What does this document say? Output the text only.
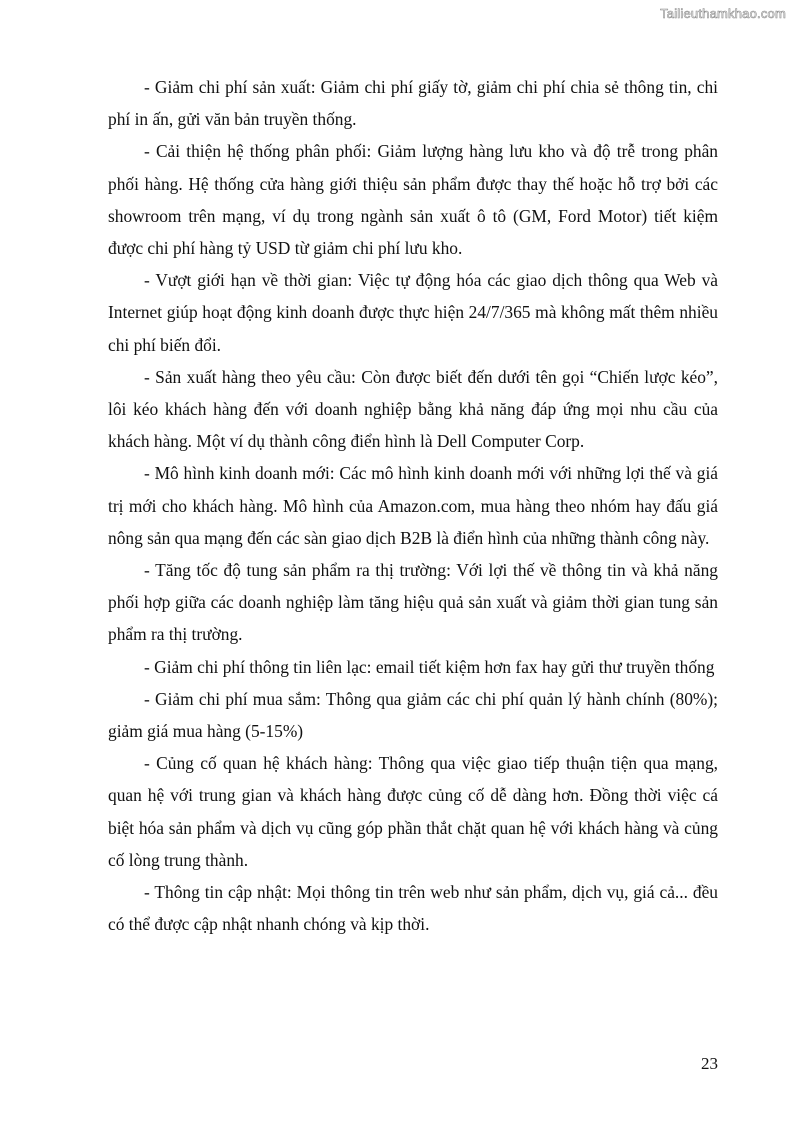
Tailieuthamkhao.com

- Giảm chi phí sản xuất: Giảm chi phí giấy tờ, giảm chi phí chia sẻ thông tin, chi phí in ấn, gửi văn bản truyền thống.

- Cải thiện hệ thống phân phối: Giảm lượng hàng lưu kho và độ trễ trong phân phối hàng. Hệ thống cửa hàng giới thiệu sản phẩm được thay thế hoặc hỗ trợ bởi các showroom trên mạng, ví dụ trong ngành sản xuất ô tô (GM, Ford Motor) tiết kiệm được chi phí hàng tỷ USD từ giảm chi phí lưu kho.

- Vượt giới hạn về thời gian: Việc tự động hóa các giao dịch thông qua Web và Internet giúp hoạt động kinh doanh được thực hiện 24/7/365 mà không mất thêm nhiều chi phí biến đổi.

- Sản xuất hàng theo yêu cầu: Còn được biết đến dưới tên gọi “Chiến lược kéo”, lôi kéo khách hàng đến với doanh nghiệp bằng khả năng đáp ứng mọi nhu cầu của khách hàng. Một ví dụ thành công điển hình là Dell Computer Corp.

- Mô hình kinh doanh mới: Các mô hình kinh doanh mới với những lợi thế và giá trị mới cho khách hàng. Mô hình của Amazon.com, mua hàng theo nhóm hay đấu giá nông sản qua mạng đến các sàn giao dịch B2B là điển hình của những thành công này.

- Tăng tốc độ tung sản phẩm ra thị trường: Với lợi thế về thông tin và khả năng phối hợp giữa các doanh nghiệp làm tăng hiệu quả sản xuất và giảm thời gian tung sản phẩm ra thị trường.

- Giảm chi phí thông tin liên lạc: email tiết kiệm hơn fax hay gửi thư truyền thống

- Giảm chi phí mua sắm: Thông qua giảm các chi phí quản lý hành chính (80%); giảm giá mua hàng (5-15%)

- Củng cố quan hệ khách hàng: Thông qua việc giao tiếp thuận tiện qua mạng, quan hệ với trung gian và khách hàng được củng cố dễ dàng hơn. Đồng thời việc cá biệt hóa sản phẩm và dịch vụ cũng góp phần thắt chặt quan hệ với khách hàng và củng cố lòng trung thành.

- Thông tin cập nhật: Mọi thông tin trên web như sản phẩm, dịch vụ, giá cả... đều có thể được cập nhật nhanh chóng và kịp thời.

23
